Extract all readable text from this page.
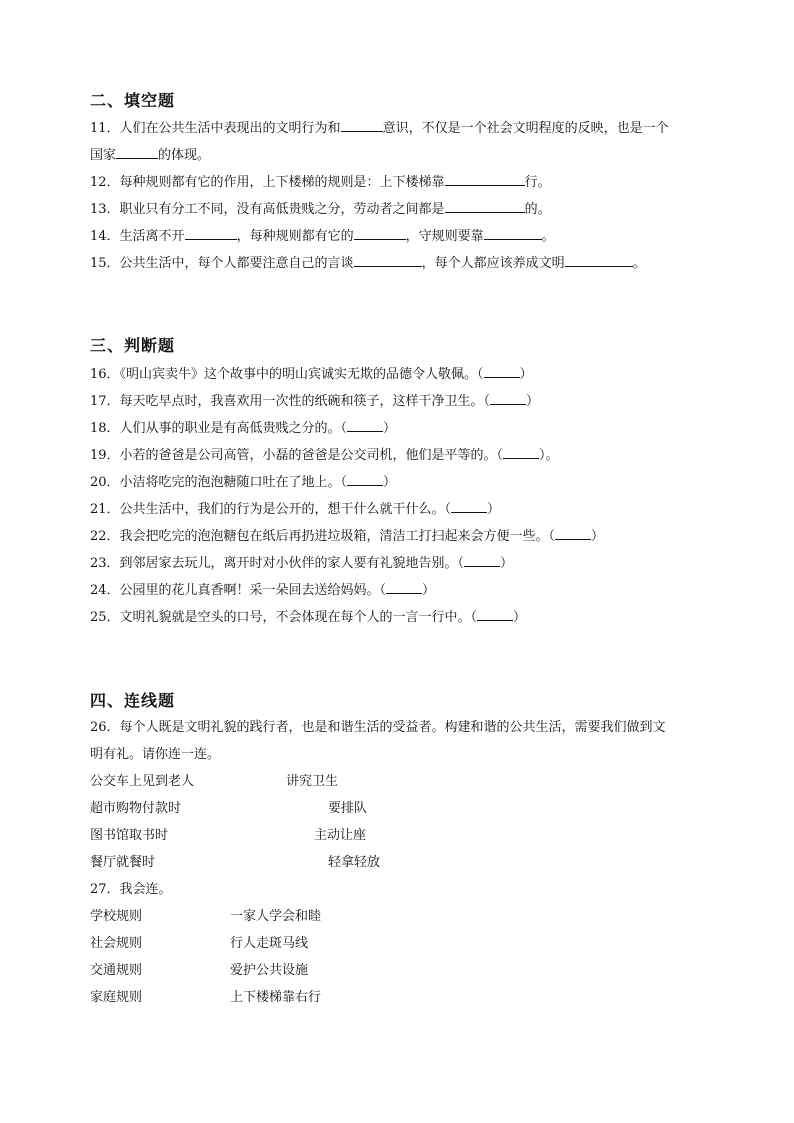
二、填空题
11．人们在公共生活中表现出的文明行为和	意识，不仅是一个社会文明程度的反映，也是一个
国家	的体现。
12．每种规则都有它的作用，上下楼梯的规则是：上下楼梯靠	行。
13．职业只有分工不同，没有高低贵贱之分，劳动者之间都是	的。
14．生活离不开	，每种规则都有它的	，守规则要靠	。
15．公共生活中，每个人都要注意自己的言谈	，每个人都应该养成文明	。
三、判断题
16．《明山宾卖牛》这个故事中的明山宾诚实无欺的品德令人敬佩。（	）
17．每天吃早点时，我喜欢用一次性的纸碗和筷子，这样干净卫生。（	）
18．人们从事的职业是有高低贵贱之分的。（	）
19．小若的爸爸是公司高管，小磊的爸爸是公交司机，他们是平等的。（	）。
20．小洁将吃完的泡泡糖随口吐在了地上。（	）
21．公共生活中，我们的行为是公开的，想干什么就干什么。（	）
22．我会把吃完的泡泡糖包在纸后再扔进垃圾箱，清洁工打扫起来会方便一些。（	）
23．到邻居家去玩儿，离开时对小伙伴的家人要有礼貌地告别。（	）
24．公园里的花儿真香啊！采一朵回去送给妈妈。（	）
25．文明礼貌就是空头的口号，不会体现在每个人的一言一行中。（	）
四、连线题
26．每个人既是文明礼貌的践行者，也是和谐生活的受益者。构建和谐的公共生活，需要我们做到文
明有礼。请你连一连。
公交车上见到老人	讲究卫生
超市购物付款时	要排队
图书馆取书时	主动让座
餐厅就餐时	轻拿轻放
27．我会连。
学校规则	一家人学会和睦
社会规则	行人走斑马线
交通规则	爱护公共设施
家庭规则	上下楼梯靠右行
